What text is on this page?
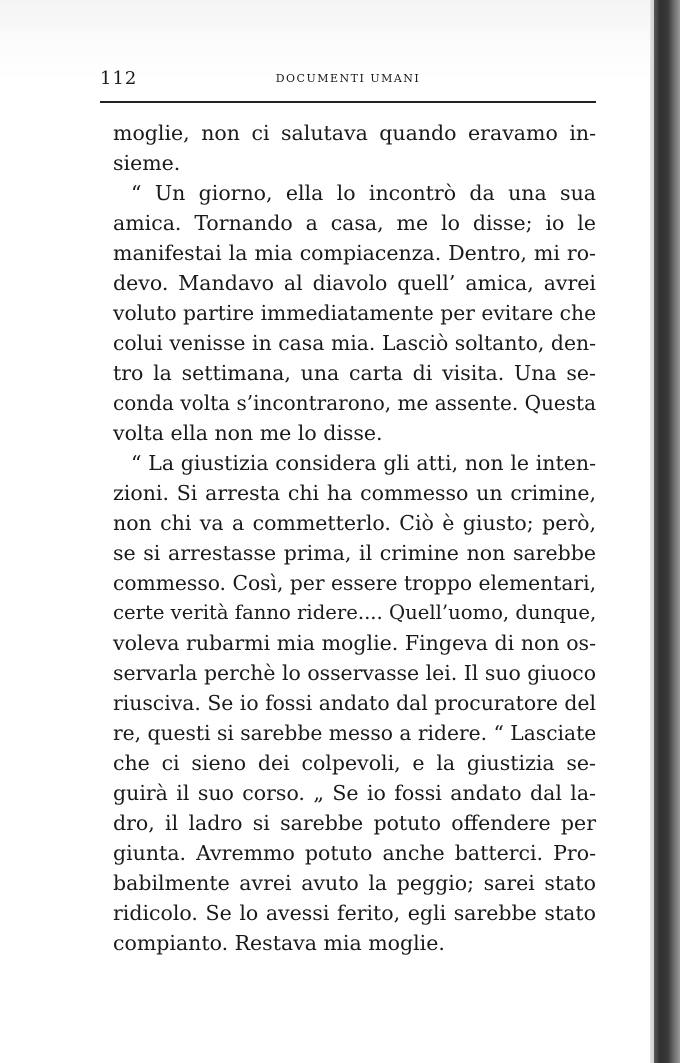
112	DOCUMENTI UMANI
moglie, non ci salutava quando eravamo in-
sieme.
“ Un giorno, ella lo incontrò da una sua
amica. Tornando a casa, me lo disse; io le
manifestai la mia compiacenza. Dentro, mi ro-
devo. Mandavo al diavolo quell’ amica, avrei
voluto partire immediatamente per evitare che
colui venisse in casa mia. Lasciò soltanto, den-
tro la settimana, una carta di visita. Una se-
conda volta s’incontrarono, me assente. Questa
volta ella non me lo disse.
“ La giustizia considera gli atti, non le inten-
zioni. Si arresta chi ha commesso un crimine,
non chi va a commetterlo. Ciò è giusto; però,
se si arrestasse prima, il crimine non sarebbe
commesso. Così, per essere troppo elementari,
certe verità fanno ridere.... Quell’uomo, dunque,
voleva rubarmi mia moglie. Fingeva di non os-
servarla perchè lo osservasse lei. Il suo giuoco
riusciva. Se io fossi andato dal procuratore del
re, questi si sarebbe messo a ridere. “ Lasciate
che ci sieno dei colpevoli, e la giustizia se-
guirà il suo corso. „ Se io fossi andato dal la-
dro, il ladro si sarebbe potuto offendere per
giunta. Avremmo potuto anche batterci. Pro-
babilmente avrei avuto la peggio; sarei stato
ridicolo. Se lo avessi ferito, egli sarebbe stato
compianto. Restava mia moglie.
